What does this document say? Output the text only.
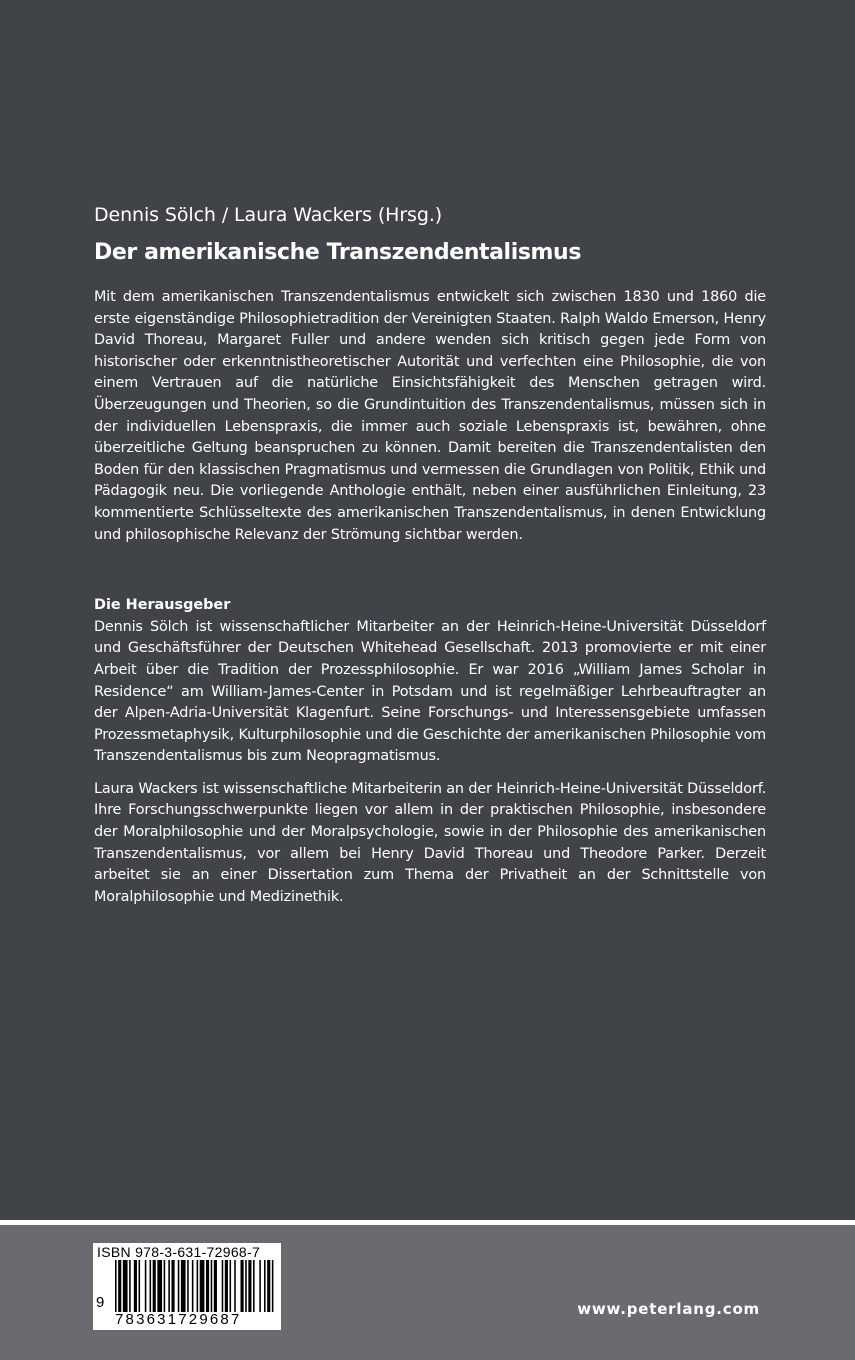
Dennis Sölch / Laura Wackers (Hrsg.)

Der amerikanische Transzendentalismus

Mit dem amerikanischen Transzendentalismus entwickelt sich zwischen 1830 und 1860 die erste eigenständige Philosophietradition der Vereinigten Staaten. Ralph Waldo Emerson, Henry David Thoreau, Margaret Fuller und andere wenden sich kritisch gegen jede Form von historischer oder erkenntnistheoretischer Autorität und verfechten eine Philosophie, die von einem Vertrauen auf die natürliche Einsichtsfähigkeit des Menschen getragen wird. Überzeugungen und Theorien, so die Grundintuition des Transzendentalismus, müssen sich in der individuellen Lebenspraxis, die immer auch soziale Lebenspraxis ist, bewähren, ohne überzeitliche Geltung beanspruchen zu können. Damit bereiten die Transzendentalisten den Boden für den klassischen Pragmatismus und vermessen die Grundlagen von Politik, Ethik und Pädagogik neu. Die vorliegende Anthologie enthält, neben einer ausführlichen Einleitung, 23 kommentierte Schlüsseltexte des amerikanischen Transzendentalismus, in denen Entwicklung und philosophische Relevanz der Strömung sichtbar werden.

Die Herausgeber

Dennis Sölch ist wissenschaftlicher Mitarbeiter an der Heinrich-Heine-Universität Düsseldorf und Geschäftsführer der Deutschen Whitehead Gesellschaft. 2013 promovierte er mit einer Arbeit über die Tradition der Prozessphilosophie. Er war 2016 „William James Scholar in Residence“ am William-James-Center in Potsdam und ist regelmäßiger Lehrbeauftragter an der Alpen-Adria-Universität Klagenfurt. Seine Forschungs- und Interessensgebiete umfassen Prozessmetaphysik, Kulturphilosophie und die Geschichte der amerikanischen Philosophie vom Transzendentalismus bis zum Neopragmatismus.

Laura Wackers ist wissenschaftliche Mitarbeiterin an der Heinrich-Heine-Universität Düsseldorf. Ihre Forschungsschwerpunkte liegen vor allem in der praktischen Philosophie, insbesondere der Moralphilosophie und der Moralpsychologie, sowie in der Philosophie des amerikanischen Transzendentalismus, vor allem bei Henry David Thoreau und Theodore Parker. Derzeit arbeitet sie an einer Dissertation zum Thema der Privatheit an der Schnittstelle von Moralphilosophie und Medizinethik.

ISBN 978-3-631-72968-7
9
783631729687
www.peterlang.com
